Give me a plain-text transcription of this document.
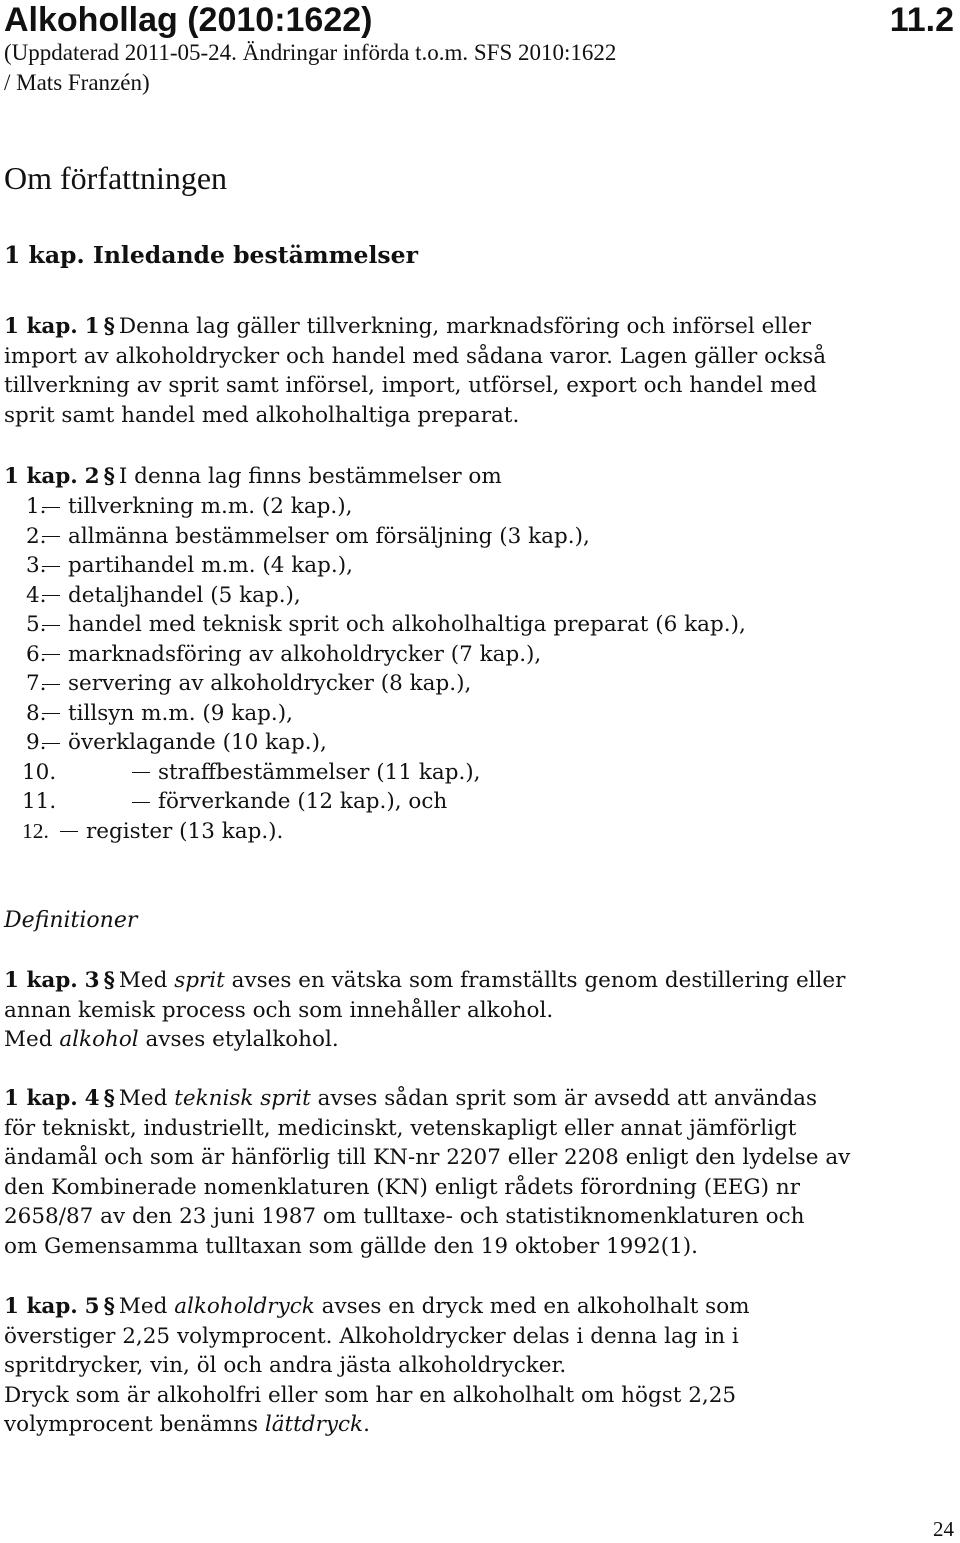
Alkohollag (2010:1622)	11.2
(Uppdaterad 2011-05-24. Ändringar införda t.o.m. SFS 2010:1622
/ Mats Franzén)
Om författningen
1 kap. Inledande bestämmelser
1 kap. 1 § Denna lag gäller tillverkning, marknadsföring och införsel eller
import av alkoholdrycker och handel med sådana varor. Lagen gäller också
tillverkning av sprit samt införsel, import, utförsel, export och handel med
sprit samt handel med alkoholhaltiga preparat.
1 kap. 2 § I denna lag finns bestämmelser om
1. tillverkning m.m. (2 kap.),
2. allmänna bestämmelser om försäljning (3 kap.),
3. partihandel m.m. (4 kap.),
4. detaljhandel (5 kap.),
5. handel med teknisk sprit och alkoholhaltiga preparat (6 kap.),
6. marknadsföring av alkoholdrycker (7 kap.),
7. servering av alkoholdrycker (8 kap.),
8. tillsyn m.m. (9 kap.),
9. överklagande (10 kap.),
10.	straffbestämmelser (11 kap.),
11.	förverkande (12 kap.), och
12. register (13 kap.).
Definitioner
1 kap. 3 § Med sprit avses en vätska som framställts genom destillering eller
annan kemisk process och som innehåller alkohol.
Med alkohol avses etylalkohol.
1 kap. 4 § Med teknisk sprit avses sådan sprit som är avsedd att användas
för tekniskt, industriellt, medicinskt, vetenskapligt eller annat jämförligt
ändamål och som är hänförlig till KN-nr 2207 eller 2208 enligt den lydelse av
den Kombinerade nomenklaturen (KN) enligt rådets förordning (EEG) nr
2658/87 av den 23 juni 1987 om tulltaxe- och statistiknomenklaturen och
om Gemensamma tulltaxan som gällde den 19 oktober 1992(1).
1 kap. 5 § Med alkoholdryck avses en dryck med en alkoholhalt som
överstiger 2,25 volymprocent. Alkoholdrycker delas i denna lag in i
spritdrycker, vin, öl och andra jästa alkoholdrycker.
Dryck som är alkoholfri eller som har en alkoholhalt om högst 2,25
volymprocent benämns lättdryck.
24
